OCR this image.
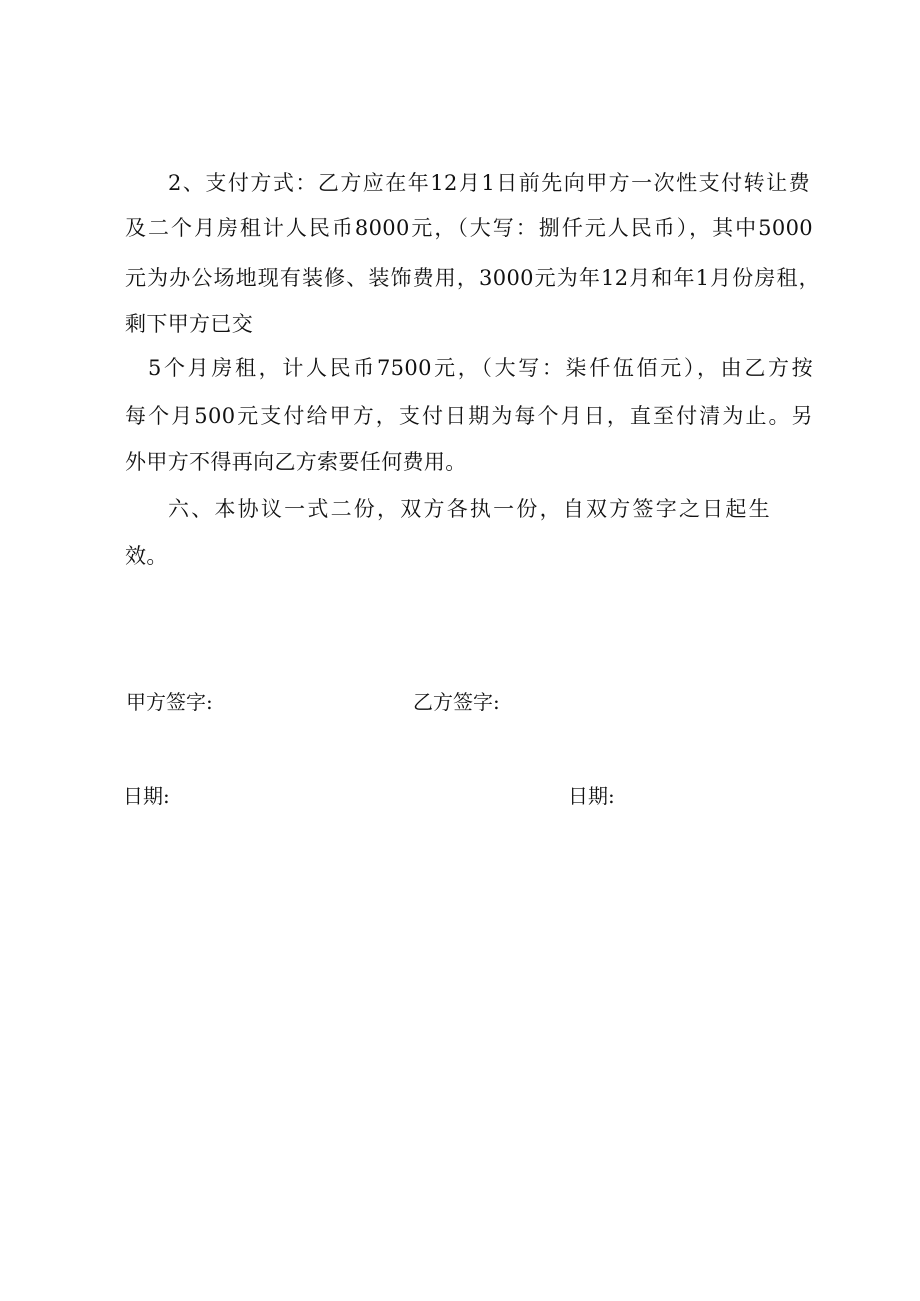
2、支付方式：乙方应在年12月1日前先向甲方一次性支付转让费
及二个月房租计人民币8000元，（大写：捌仟元人民币），其中5000
元为办公场地现有装修、装饰费用，3000元为年12月和年1月份房租，
剩下甲方已交
5个月房租，计人民币7500元，（大写：柒仟伍佰元），由乙方按
每个月500元支付给甲方，支付日期为每个月日，直至付清为止。另
外甲方不得再向乙方索要任何费用。
六、本协议一式二份，双方各执一份，自双方签字之日起生
效。
甲方签字:	乙方签字:
日期:	日期:
